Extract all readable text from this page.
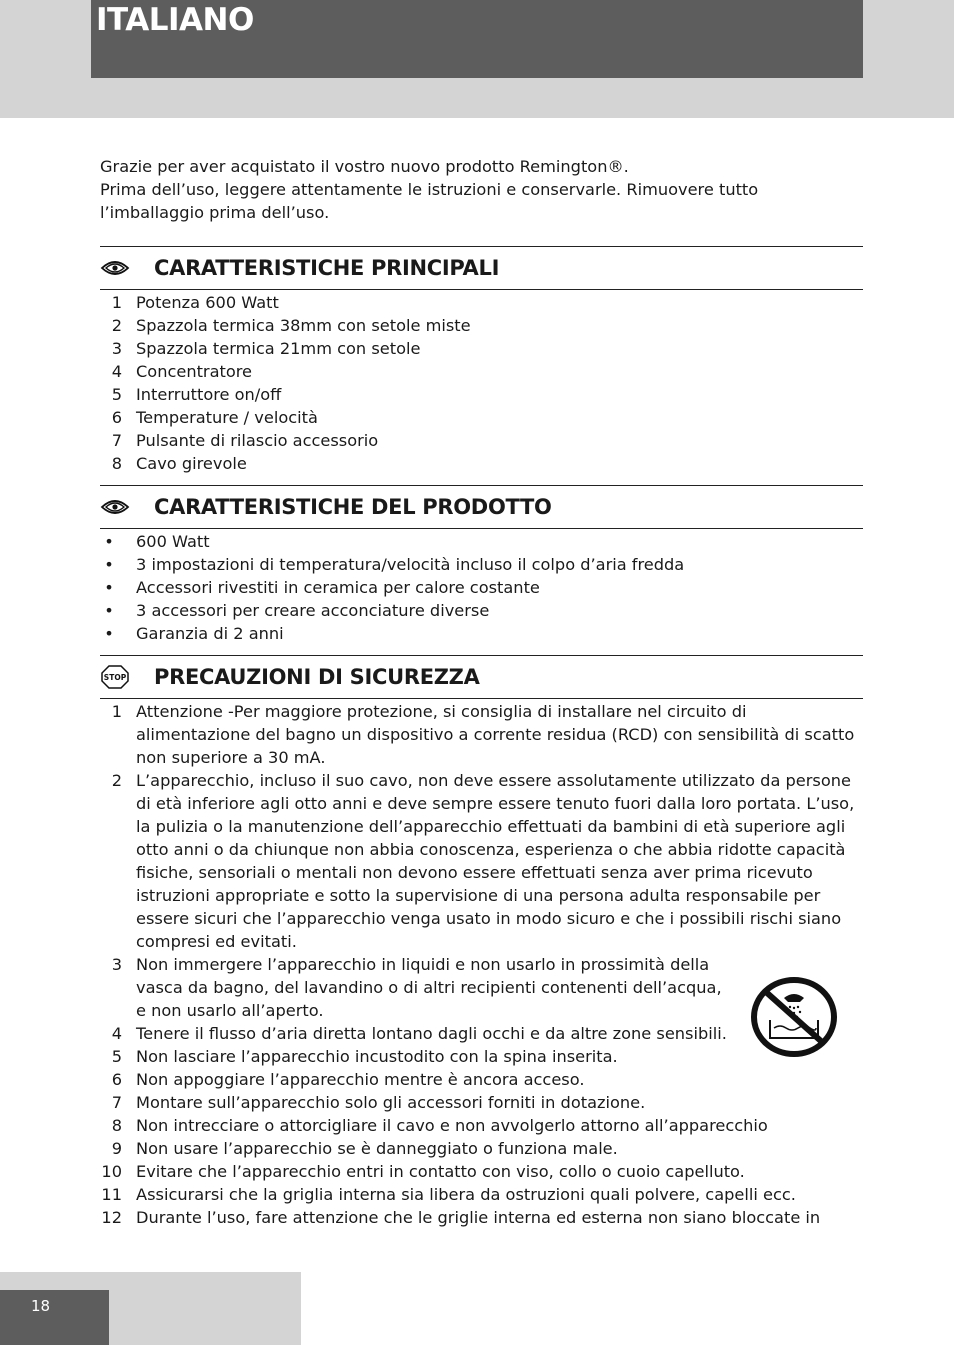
ITALIANO

Grazie per aver acquistato il vostro nuovo prodotto Remington®.

Prima dell’uso, leggere attentamente le istruzioni e conservarle. Rimuovere tutto l’imballaggio prima dell’uso.

CARATTERISTICHE PRINCIPALI
1 Potenza 600 Watt
2 Spazzola termica 38mm con setole miste
3 Spazzola termica 21mm con setole
4 Concentratore
5 Interruttore on/off
6 Temperature / velocità
7 Pulsante di rilascio accessorio
8 Cavo girevole
CARATTERISTICHE DEL PRODOTTO
• 600 Watt
• 3 impostazioni di temperatura/velocità incluso il colpo d’aria fredda
• Accessori rivestiti in ceramica per calore costante
• 3 accessori per creare acconciature diverse
• Garanzia di 2 anni
STOP PRECAUZIONI DI SICUREZZA
1 Attenzione -Per maggiore protezione, si consiglia di installare nel circuito di alimentazione del bagno un dispositivo a corrente residua (RCD) con sensibilità di scatto non superiore a 30 mA.
2 L’apparecchio, incluso il suo cavo, non deve essere assolutamente utilizzato da persone di età inferiore agli otto anni e deve sempre essere tenuto fuori dalla loro portata. L’uso, la pulizia o la manutenzione dell’apparecchio effettuati da bambini di età superiore agli otto anni o da chiunque non abbia conoscenza, esperienza o che abbia ridotte capacità fisiche, sensoriali o mentali non devono essere effettuati senza aver prima ricevuto istruzioni appropriate e sotto la supervisione di una persona adulta responsabile per essere sicuri che l’apparecchio venga usato in modo sicuro e che i possibili rischi siano compresi ed evitati.
3 Non immergere l’apparecchio in liquidi e non usarlo in prossimità della vasca da bagno, del lavandino o di altri recipienti contenenti dell’acqua, e non usarlo all’aperto.
4 Tenere il flusso d’aria diretta lontano dagli occhi e da altre zone sensibili.
5 Non lasciare l’apparecchio incustodito con la spina inserita.
6 Non appoggiare l’apparecchio mentre è ancora acceso.
7 Montare sull’apparecchio solo gli accessori forniti in dotazione.
8 Non intrecciare o attorcigliare il cavo e non avvolgerlo attorno all’apparecchio
9 Non usare l’apparecchio se è danneggiato o funziona male.
10 Evitare che l’apparecchio entri in contatto con viso, collo o cuoio capelluto.
11 Assicurarsi che la griglia interna sia libera da ostruzioni quali polvere, capelli ecc.
12 Durante l’uso, fare attenzione che le griglie interna ed esterna non siano bloccate in
18
